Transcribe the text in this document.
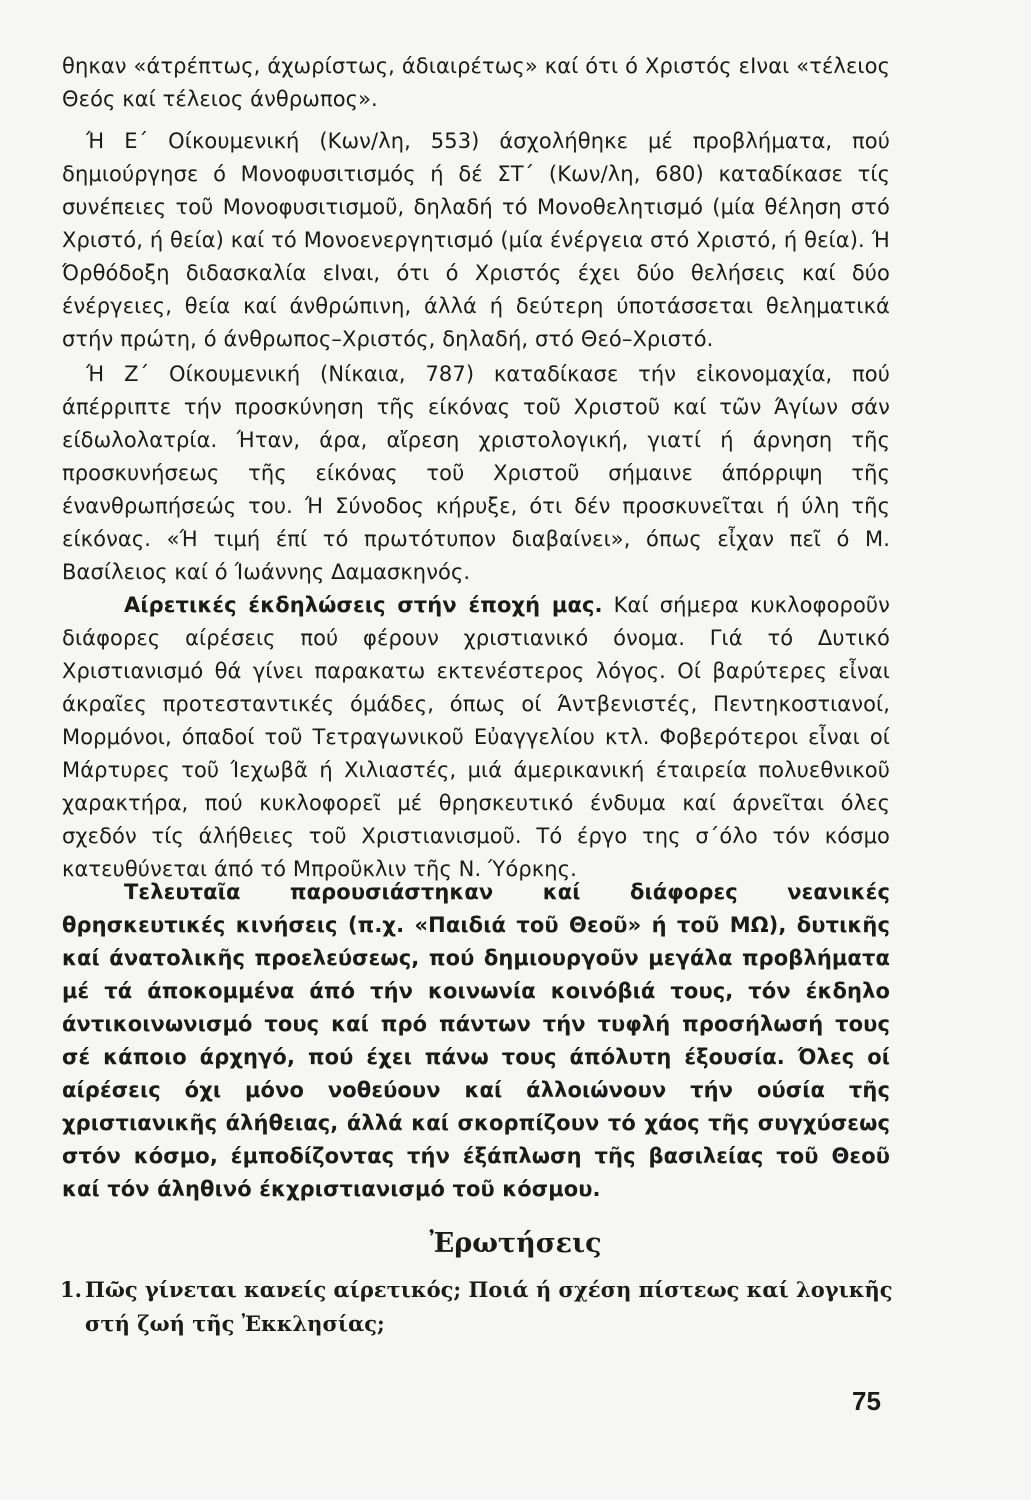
θηκαν «άτρέπτως, άχωρίστως, άδιαιρέτως» καί ότι ό Χριστός εΙναι «τέλειος Θεός καί τέλειος άνθρωπος».

Ή Ε΄ Οίκουμενική (Κων/λη, 553) άσχολήθηκε μέ προβλήματα, πού δημιούργησε ό Μονοφυσιτισμός ή δέ ΣΤ΄ (Κων/λη, 680) καταδίκασε τίς συνέπειες τοῦ Μονοφυσιτισμοῦ, δηλαδή τό Μονοθελητισμό (μία θέληση στό Χριστό, ή θεία) καί τό Μονοενεργητισμό (μία ένέργεια στό Χριστό, ή θεία). Ή Όρθόδοξη διδασκαλία εΙναι, ότι ό Χριστός έχει δύο θελήσεις καί δύο ένέργειες, θεία καί άνθρώπινη, άλλά ή δεύτερη ύποτάσσεται θεληματικά στήν πρώτη, ό άνθρωπος–Χριστός, δηλαδή, στό Θεό–Χριστό.

Ή Ζ΄ Οίκουμενική (Νίκαια, 787) καταδίκασε τήν εἰκονομαχία, πού άπέρριπτε τήν προσκύνηση τῆς είκόνας τοῦ Χριστοῦ καί τῶν Άγίων σάν είδωλολατρία. Ήταν, άρα, αἴρεση χριστολογική, γιατί ή άρνηση τῆς προσκυνήσεως τῆς είκόνας τοῦ Χριστοῦ σήμαινε άπόρριψη τῆς ένανθρωπήσεώς του. Ή Σύνοδος κήρυξε, ότι δέν προσκυνεῖται ή ύλη τῆς είκόνας. «Ή τιμή έπί τό πρωτότυπον διαβαίνει», όπως εἶχαν πεῖ ό Μ. Βασίλειος καί ό Ίωάννης Δαμασκηνός.

Αίρετικές έκδηλώσεις στήν έποχή μας. Καί σήμερα κυκλοφοροῦν διάφορες αίρέσεις πού φέρουν χριστιανικό όνομα. Γιά τό Δυτικό Χριστιανισμό θά γίνει παρακατω εκτενέστερος λόγος. Οί βαρύτερες εἶναι άκραῖες προτεσταντικές όμάδες, όπως οί Άντβενιστές, Πεντηκοστιανοί, Μορμόνοι, όπαδοί τοῦ Τετραγωνικοῦ Εὐαγγελίου κτλ. Φοβερότεροι εἶναι οί Μάρτυρες τοῦ Ίεχωβᾶ ή Χιλιαστές, μιά άμερικανική έταιρεία πολυεθνικοῦ χαρακτήρα, πού κυκλοφορεῖ μέ θρησκευτικό ένδυμα καί άρνεῖται όλες σχεδόν τίς άλήθειες τοῦ Χριστιανισμοῦ. Τό έργο της σ΄όλο τόν κόσμο κατευθύνεται άπό τό Μπροῦκλιν τῆς Ν. Ύόρκης.

Τελευταῖα παρουσιάστηκαν καί διάφορες νεανικές θρησκευτικές κινήσεις (π.χ. «Παιδιά τοῦ Θεοῦ» ή τοῦ ΜΩ), δυτικῆς καί άνατολικῆς προελεύσεως, πού δημιουργοῦν μεγάλα προβλήματα μέ τά άποκομμένα άπό τήν κοινωνία κοινόβιά τους, τόν έκδηλο άντικοινωνισμό τους καί πρό πάντων τήν τυφλή προσήλωσή τους σέ κάποιο άρχηγό, πού έχει πάνω τους άπόλυτη έξουσία. Όλες οί αίρέσεις όχι μόνο νοθεύουν καί άλλοιώνουν τήν ούσία τῆς χριστιανικῆς άλήθειας, άλλά καί σκορπίζουν τό χάος τῆς συγχύσεως στόν κόσμο, έμποδίζοντας τήν έξάπλωση τῆς βασιλείας τοῦ Θεοῦ καί τόν άληθινό έκχριστιανισμό τοῦ κόσμου.

Ἐρωτήσεις
1. Πῶς γίνεται κανείς αίρετικός; Ποιά ή σχέση πίστεως καί λογικῆς στή ζωή τῆς Ἐκκλησίας;
75
